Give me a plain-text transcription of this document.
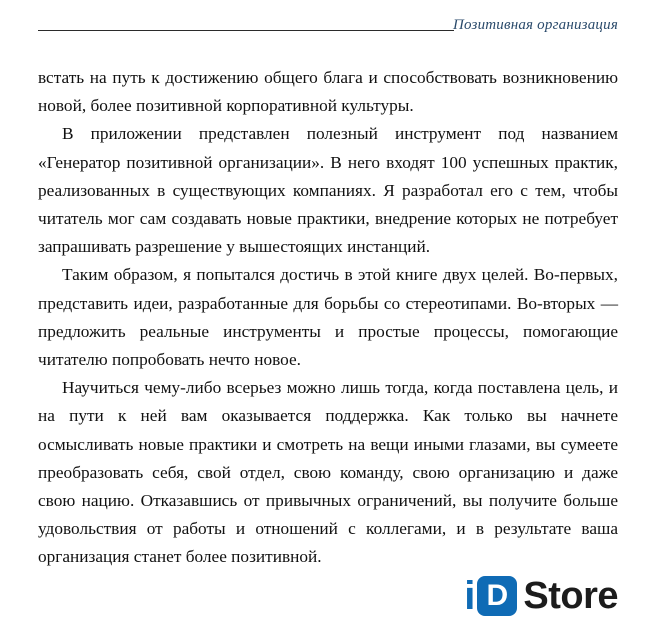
Позитивная организация

встать на путь к достижению общего блага и способствовать возникновению новой, более позитивной корпоративной культуры.

В приложении представлен полезный инструмент под названием «Генератор позитивной организации». В него входят 100 успешных практик, реализованных в существующих компаниях. Я разработал его с тем, чтобы читатель мог сам создавать новые практики, внедрение которых не потребует запрашивать разрешение у вышестоящих инстанций.

Таким образом, я попытался достичь в этой книге двух целей. Во-первых, представить идеи, разработанные для борьбы со стереотипами. Во-вторых — предложить реальные инструменты и простые процессы, помогающие читателю попробовать нечто новое.

Научиться чему-либо всерьез можно лишь тогда, когда поставлена цель, и на пути к ней вам оказывается поддержка. Как только вы начнете осмысливать новые практики и смотреть на вещи иными глазами, вы сумеете преобразовать себя, свой отдел, свою команду, свою организацию и даже свою нацию. Отказавшись от привычных ограничений, вы получите больше удовольствия от работы и отношений с коллегами, и в результате ваша организация станет более позитивной.

i D Store
